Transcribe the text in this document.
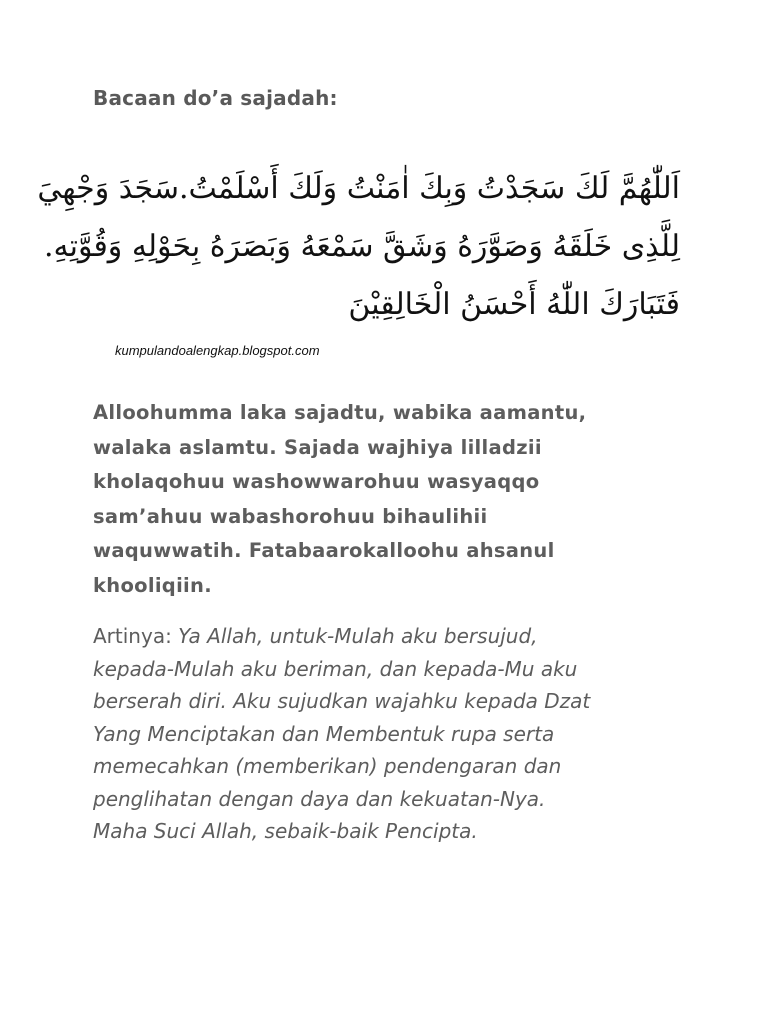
Bacaan do’a sajadah:
اَللّٰهُمَّ لَكَ سَجَدْتُ وَبِكَ اٰمَنْتُ وَلَكَ أَسْلَمْتُ.سَجَدَ وَجْهِيَ
لِلَّذِى خَلَقَهُ وَصَوَّرَهُ وَشَقَّ سَمْعَهُ وَبَصَرَهُ بِحَوْلِهِ وَقُوَّتِهِ.
فَتَبَارَكَ اللّٰهُ أَحْسَنُ الْخَالِقِيْنَ
kumpulandoalengkap.blogspot.com
Alloohumma laka sajadtu, wabika aamantu,
walaka aslamtu. Sajada wajhiya lilladzii
kholaqohuu washowwarohuu wasyaqqo
sam’ahuu wabashorohuu bihaulihii
waquwwatih. Fatabaarokalloohu ahsanul
khooliqiin.
Artinya: Ya Allah, untuk-Mulah aku bersujud,
kepada-Mulah aku beriman, dan kepada-Mu aku
berserah diri. Aku sujudkan wajahku kepada Dzat
Yang Menciptakan dan Membentuk rupa serta
memecahkan (memberikan) pendengaran dan
penglihatan dengan daya dan kekuatan-Nya.
Maha Suci Allah, sebaik-baik Pencipta.
